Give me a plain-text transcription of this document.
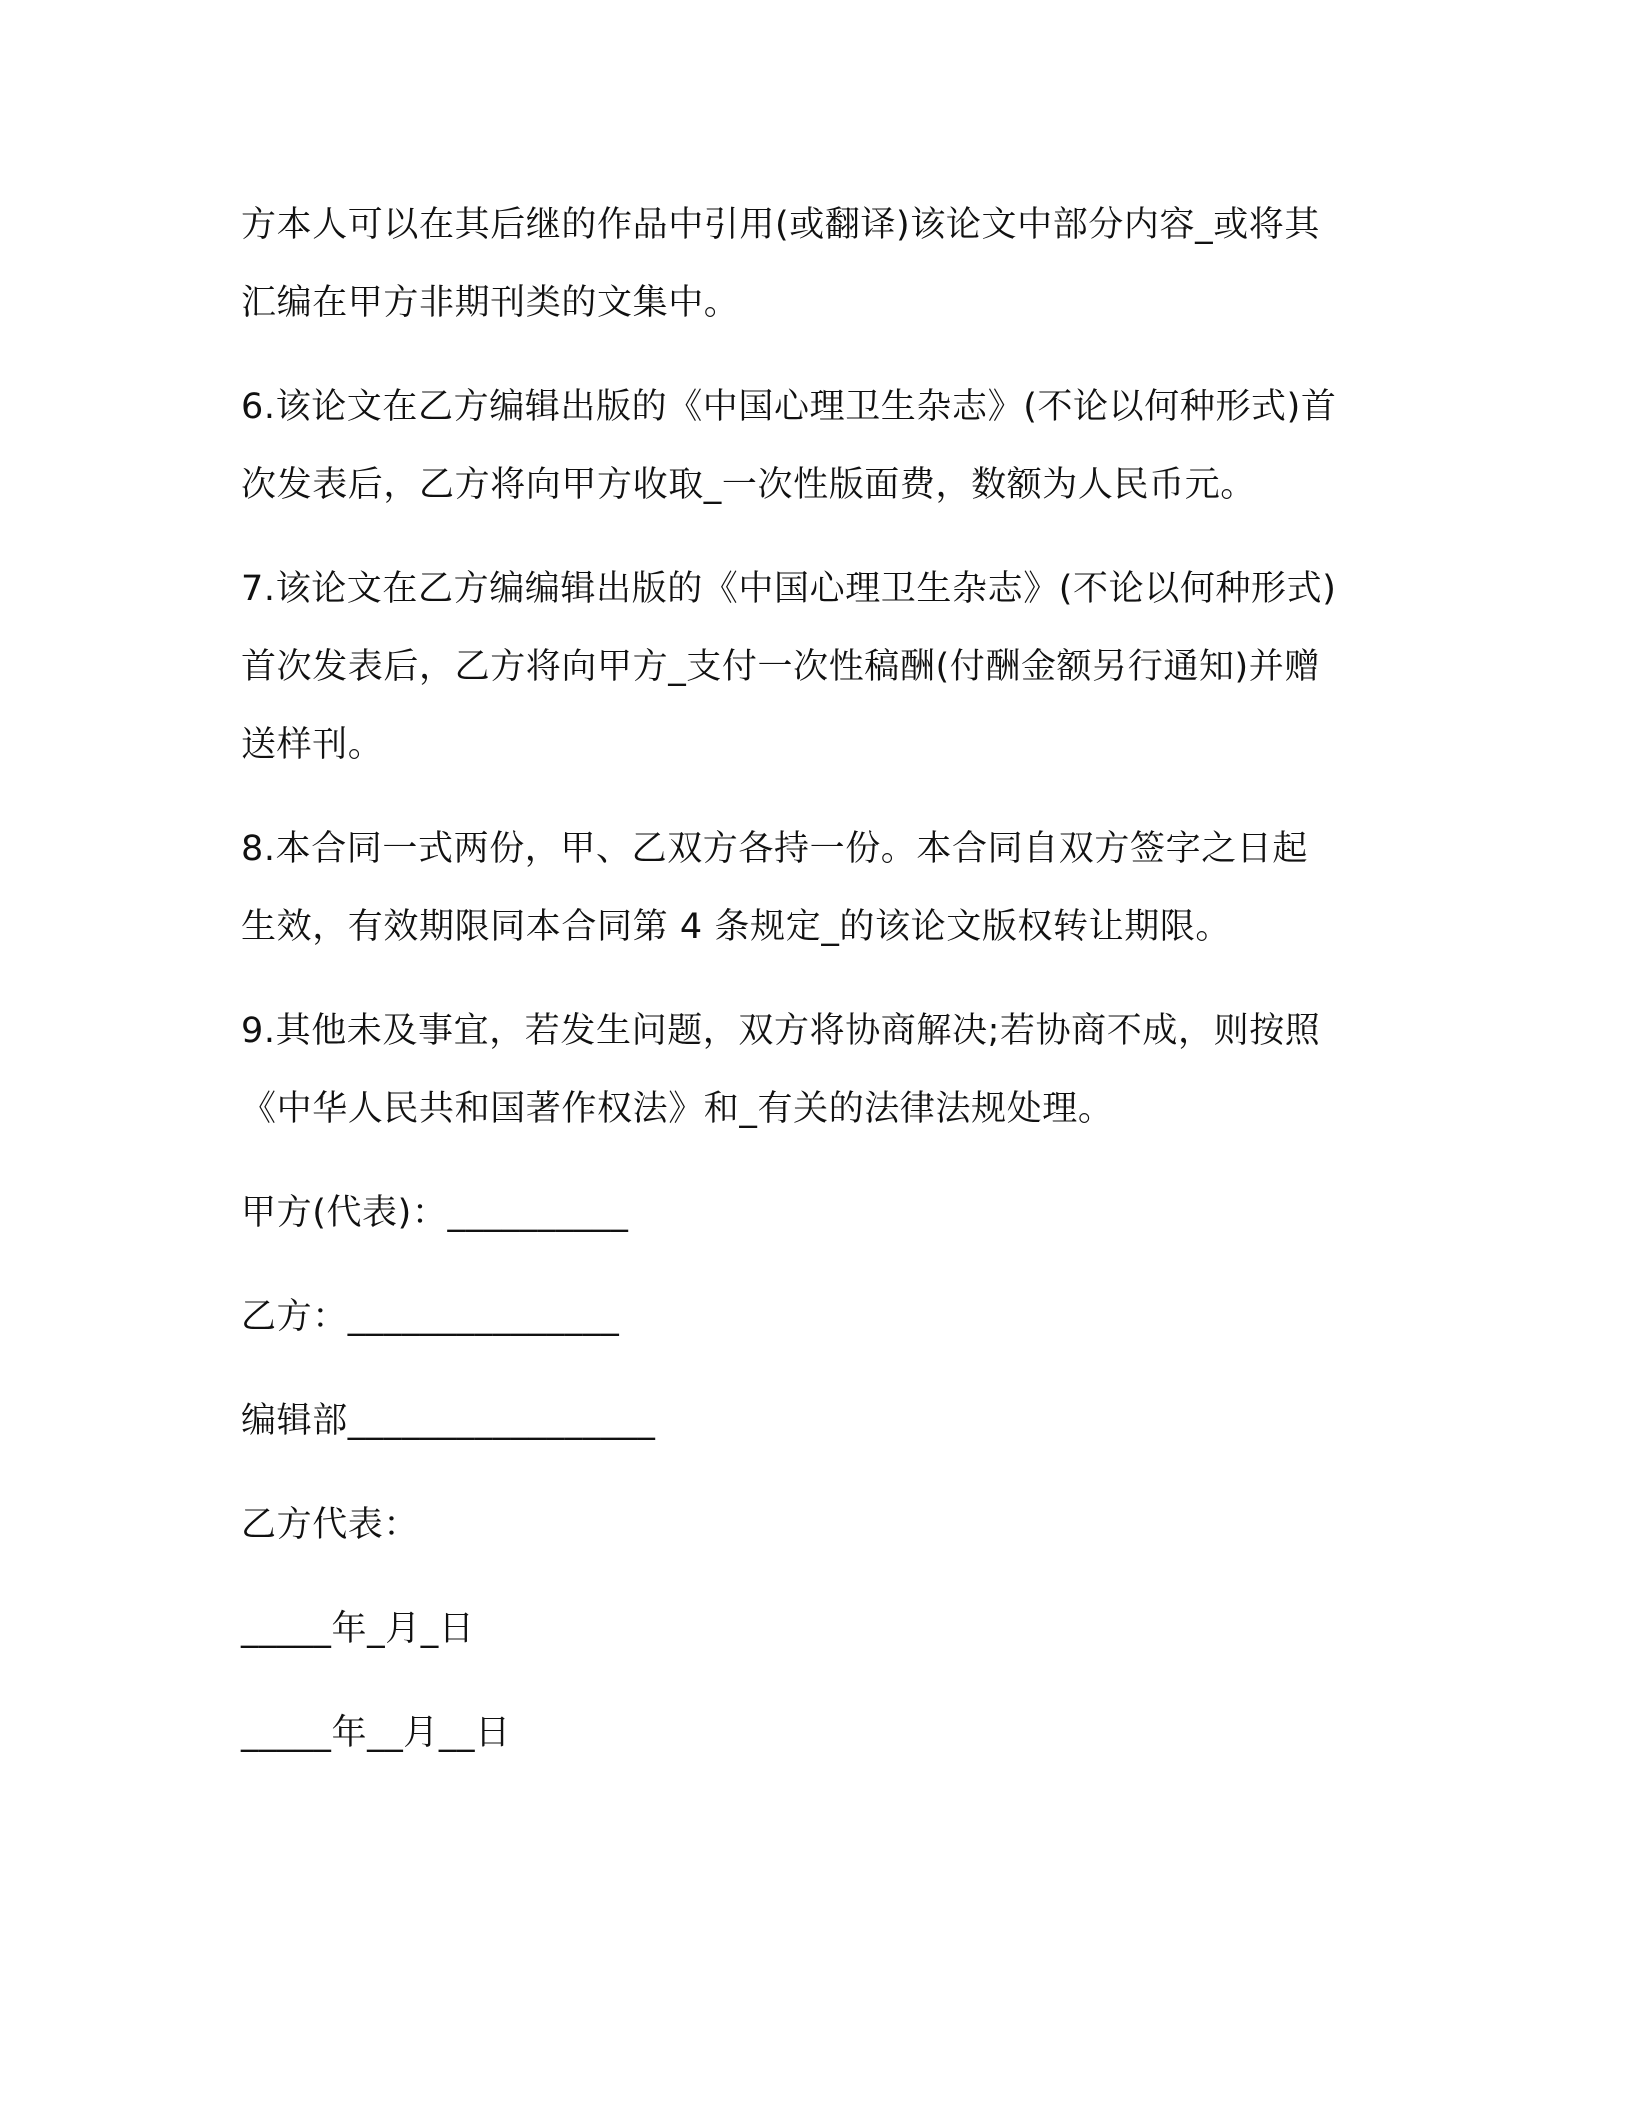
方本人可以在其后继的作品中引用(或翻译)该论文中部分内容_或将其
汇编在甲方非期刊类的文集中。

6.该论文在乙方编辑出版的《中国心理卫生杂志》(不论以何种形式)首
次发表后，乙方将向甲方收取_一次性版面费，数额为人民币元。

7.该论文在乙方编编辑出版的《中国心理卫生杂志》(不论以何种形式)
首次发表后，乙方将向甲方_支付一次性稿酬(付酬金额另行通知)并赠
送样刊。

8.本合同一式两份，甲、乙双方各持一份。本合同自双方签字之日起
生效，有效期限同本合同第 4 条规定_的该论文版权转让期限。

9.其他未及事宜，若发生问题，双方将协商解决;若协商不成，则按照
《中华人民共和国著作权法》和_有关的法律法规处理。

甲方(代表)：__________

乙方：_______________

编辑部_________________

乙方代表：

_____年_月_日

_____年__月__日
